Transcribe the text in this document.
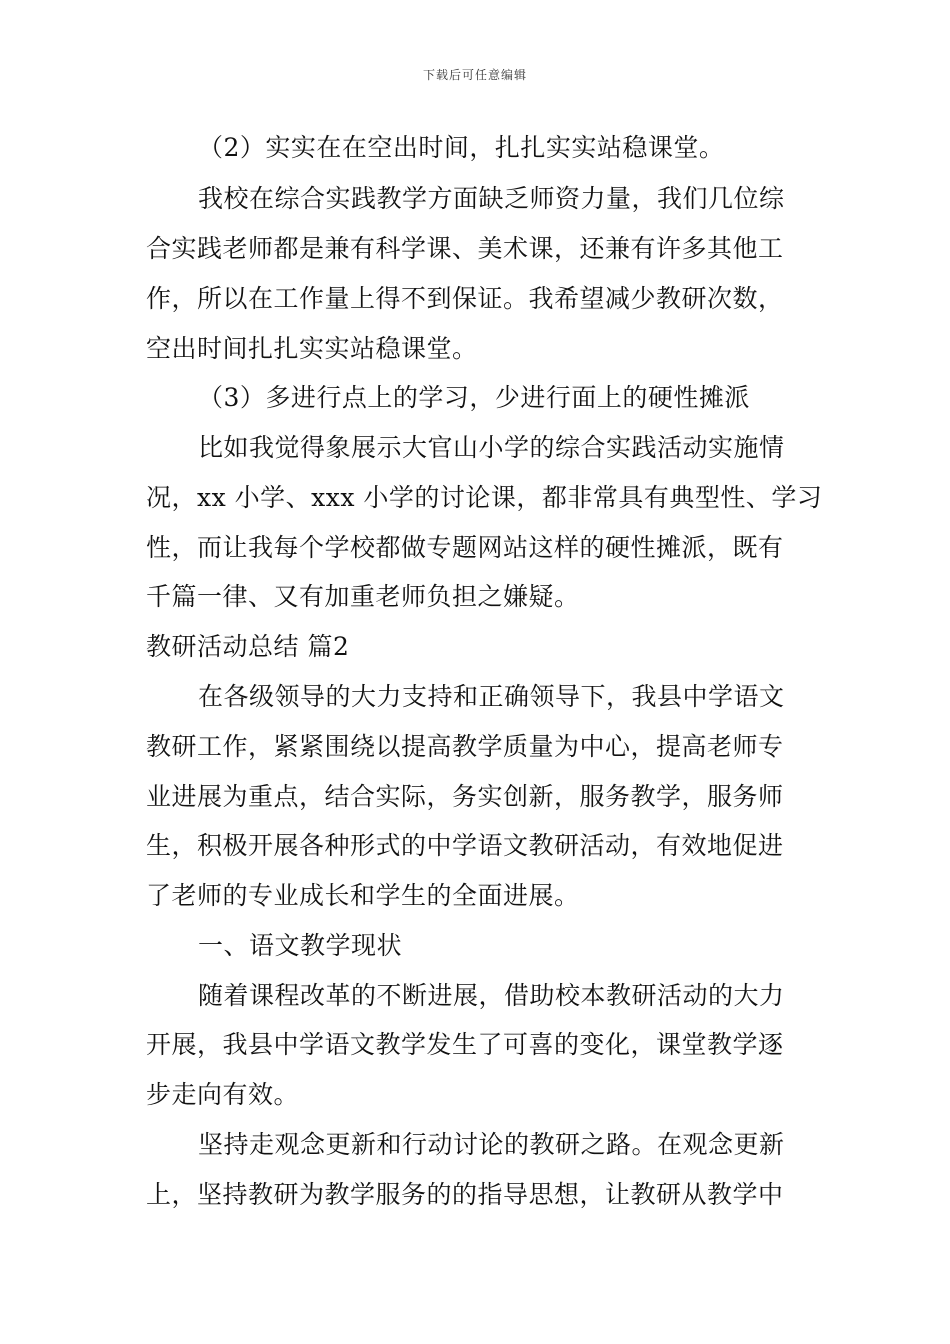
下载后可任意编辑
（2）实实在在空出时间，扎扎实实站稳课堂。
我校在综合实践教学方面缺乏师资力量，我们几位综
合实践老师都是兼有科学课、美术课，还兼有许多其他工
作，所以在工作量上得不到保证。我希望减少教研次数，
空出时间扎扎实实站稳课堂。
（3）多进行点上的学习，少进行面上的硬性摊派
比如我觉得象展示大官山小学的综合实践活动实施情
况，xx 小学、xxx 小学的讨论课，都非常具有典型性、学习
性，而让我每个学校都做专题网站这样的硬性摊派，既有
千篇一律、又有加重老师负担之嫌疑。
教研活动总结 篇2
在各级领导的大力支持和正确领导下，我县中学语文
教研工作，紧紧围绕以提高教学质量为中心，提高老师专
业进展为重点，结合实际，务实创新，服务教学，服务师
生，积极开展各种形式的中学语文教研活动，有效地促进
了老师的专业成长和学生的全面进展。
一、语文教学现状
随着课程改革的不断进展，借助校本教研活动的大力
开展，我县中学语文教学发生了可喜的变化，课堂教学逐
步走向有效。
坚持走观念更新和行动讨论的教研之路。在观念更新
上，坚持教研为教学服务的的指导思想，让教研从教学中
